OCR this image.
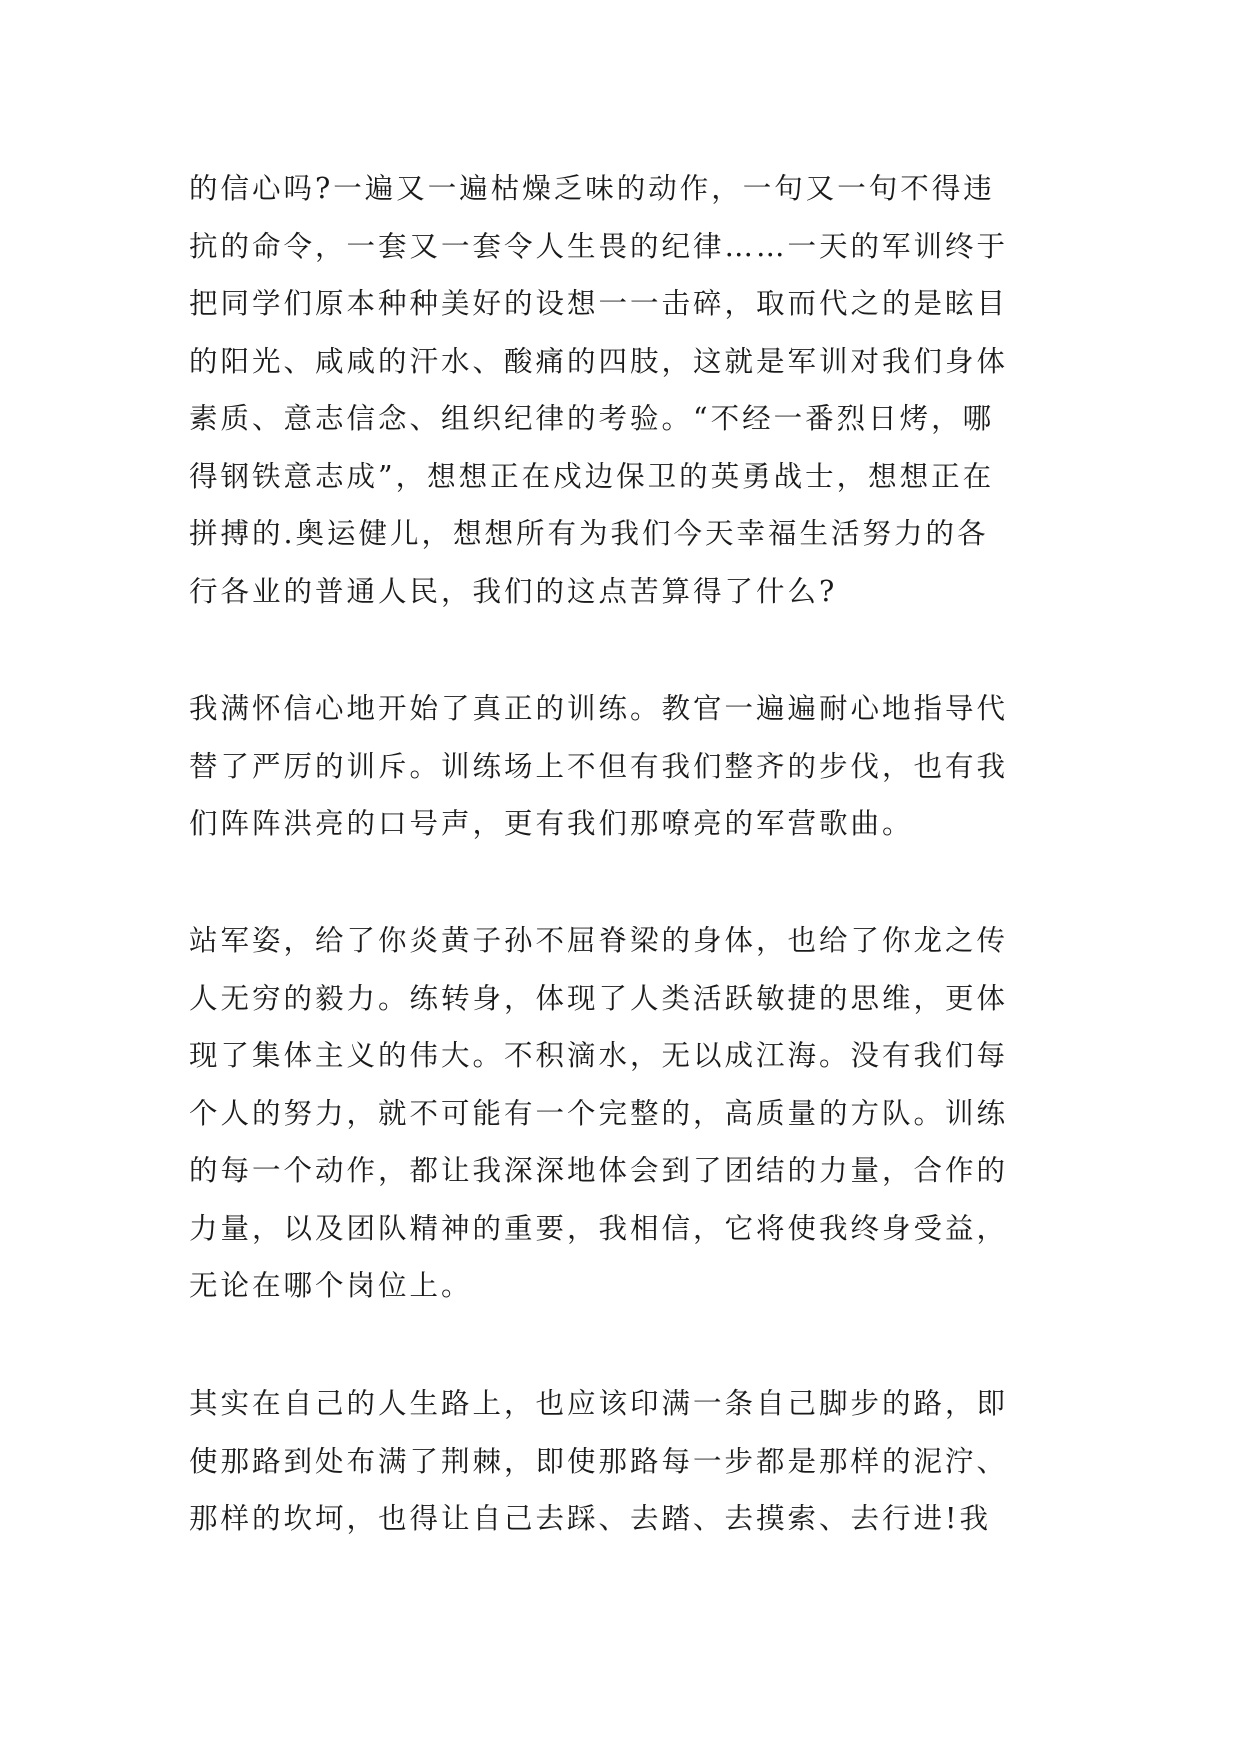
的信心吗?一遍又一遍枯燥乏味的动作，一句又一句不得违
抗的命令，一套又一套令人生畏的纪律……一天的军训终于
把同学们原本种种美好的设想一一击碎，取而代之的是眩目
的阳光、咸咸的汗水、酸痛的四肢，这就是军训对我们身体
素质、意志信念、组织纪律的考验。“不经一番烈日烤，哪
得钢铁意志成”，想想正在戍边保卫的英勇战士，想想正在
拼搏的.奥运健儿，想想所有为我们今天幸福生活努力的各
行各业的普通人民，我们的这点苦算得了什么?
我满怀信心地开始了真正的训练。教官一遍遍耐心地指导代
替了严厉的训斥。训练场上不但有我们整齐的步伐，也有我
们阵阵洪亮的口号声，更有我们那嘹亮的军营歌曲。
站军姿，给了你炎黄子孙不屈脊梁的身体，也给了你龙之传
人无穷的毅力。练转身，体现了人类活跃敏捷的思维，更体
现了集体主义的伟大。不积滴水，无以成江海。没有我们每
个人的努力，就不可能有一个完整的，高质量的方队。训练
的每一个动作，都让我深深地体会到了团结的力量，合作的
力量，以及团队精神的重要，我相信，它将使我终身受益，
无论在哪个岗位上。
其实在自己的人生路上，也应该印满一条自己脚步的路，即
使那路到处布满了荆棘，即使那路每一步都是那样的泥泞、
那样的坎坷，也得让自己去踩、去踏、去摸索、去行进!我
